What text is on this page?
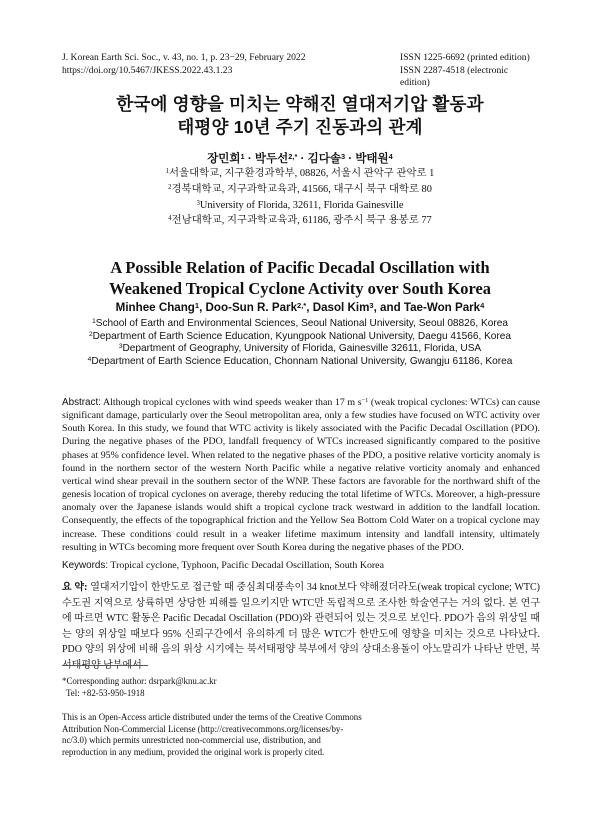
J. Korean Earth Sci. Soc., v. 43, no. 1, p. 23−29, February 2022
https://doi.org/10.5467/JKESS.2022.43.1.23
ISSN 1225-6692 (printed edition)
ISSN 2287-4518 (electronic edition)
한국에 영향을 미치는 약해진 열대저기압 활동과
태평양 10년 주기 진동과의 관계
장민희$^1$ · 박두선$^{2,*}$ · 김다솔$^3$ · 박태원$^4$
$^1$서울대학교, 지구환경과학부, 08826, 서울시 관악구 관악로 1
$^2$경북대학교, 지구과학교육과, 41566, 대구시 북구 대학로 80
$^3$University of Florida, 32611, Florida Gainesville
$^4$전남대학교, 지구과학교육과, 61186, 광주시 북구 용봉로 77
A Possible Relation of Pacific Decadal Oscillation with
Weakened Tropical Cyclone Activity over South Korea
Minhee Chang$^1$, Doo-Sun R. Park$^{2,*}$, Dasol Kim$^3$, and Tae-Won Park$^4$
$^1$School of Earth and Environmental Sciences, Seoul National University, Seoul 08826, Korea
$^2$Department of Earth Science Education, Kyungpook National University, Daegu 41566, Korea
$^3$Department of Geography, University of Florida, Gainesville 32611, Florida, USA
$^4$Department of Earth Science Education, Chonnam National University, Gwangju 61186, Korea
Abstract: Although tropical cyclones with wind speeds weaker than 17 m $s^{-1}$ (weak tropical cyclones: WTCs) can cause significant damage, particularly over the Seoul metropolitan area, only a few studies have focused on WTC activity over South Korea. In this study, we found that WTC activity is likely associated with the Pacific Decadal Oscillation (PDO). During the negative phases of the PDO, landfall frequency of WTCs increased significantly compared to the positive phases at 95% confidence level. When related to the negative phases of the PDO, a positive relative vorticity anomaly is found in the northern sector of the western North Pacific while a negative relative vorticity anomaly and enhanced vertical wind shear prevail in the southern sector of the WNP. These factors are favorable for the northward shift of the genesis location of tropical cyclones on average, thereby reducing the total lifetime of WTCs. Moreover, a high-pressure anomaly over the Japanese islands would shift a tropical cyclone track westward in addition to the landfall location. Consequently, the effects of the topographical friction and the Yellow Sea Bottom Cold Water on a tropical cyclone may increase. These conditions could result in a weaker lifetime maximum intensity and landfall intensity, ultimately resulting in WTCs becoming more frequent over South Korea during the negative phases of the PDO.
Keywords: Tropical cyclone, Typhoon, Pacific Decadal Oscillation, South Korea
요 약: 열대저기압이 한반도로 접근할 때 중심최대풍속이 34 knot보다 약해졌더라도(weak tropical cyclone; WTC) 수도권 지역으로 상륙하면 상당한 피해를 일으키지만 WTC만 독립적으로 조사한 학술연구는 거의 없다. 본 연구에 따르면 WTC 활동은 Pacific Decadal Oscillation (PDO)와 관련되어 있는 것으로 보인다. PDO가 음의 위상일 때는 양의 위상일 때보다 95% 신뢰구간에서 유의하게 더 많은 WTC가 한반도에 영향을 미치는 것으로 나타났다. PDO 양의 위상에 비해 음의 위상 시기에는 북서태평양 북부에서 양의 상대소용돌이 아노말리가 나타난 반면, 북서태평양 남부에서
*Corresponding author: dsrpark@knu.ac.kr
Tel: +82-53-950-1918
This is an Open-Access article distributed under the terms of the Creative Commons Attribution Non-Commercial License (http://creativecommons.org/licenses/by-nc/3.0) which permits unrestricted non-commercial use, distribution, and reproduction in any medium, provided the original work is properly cited.
